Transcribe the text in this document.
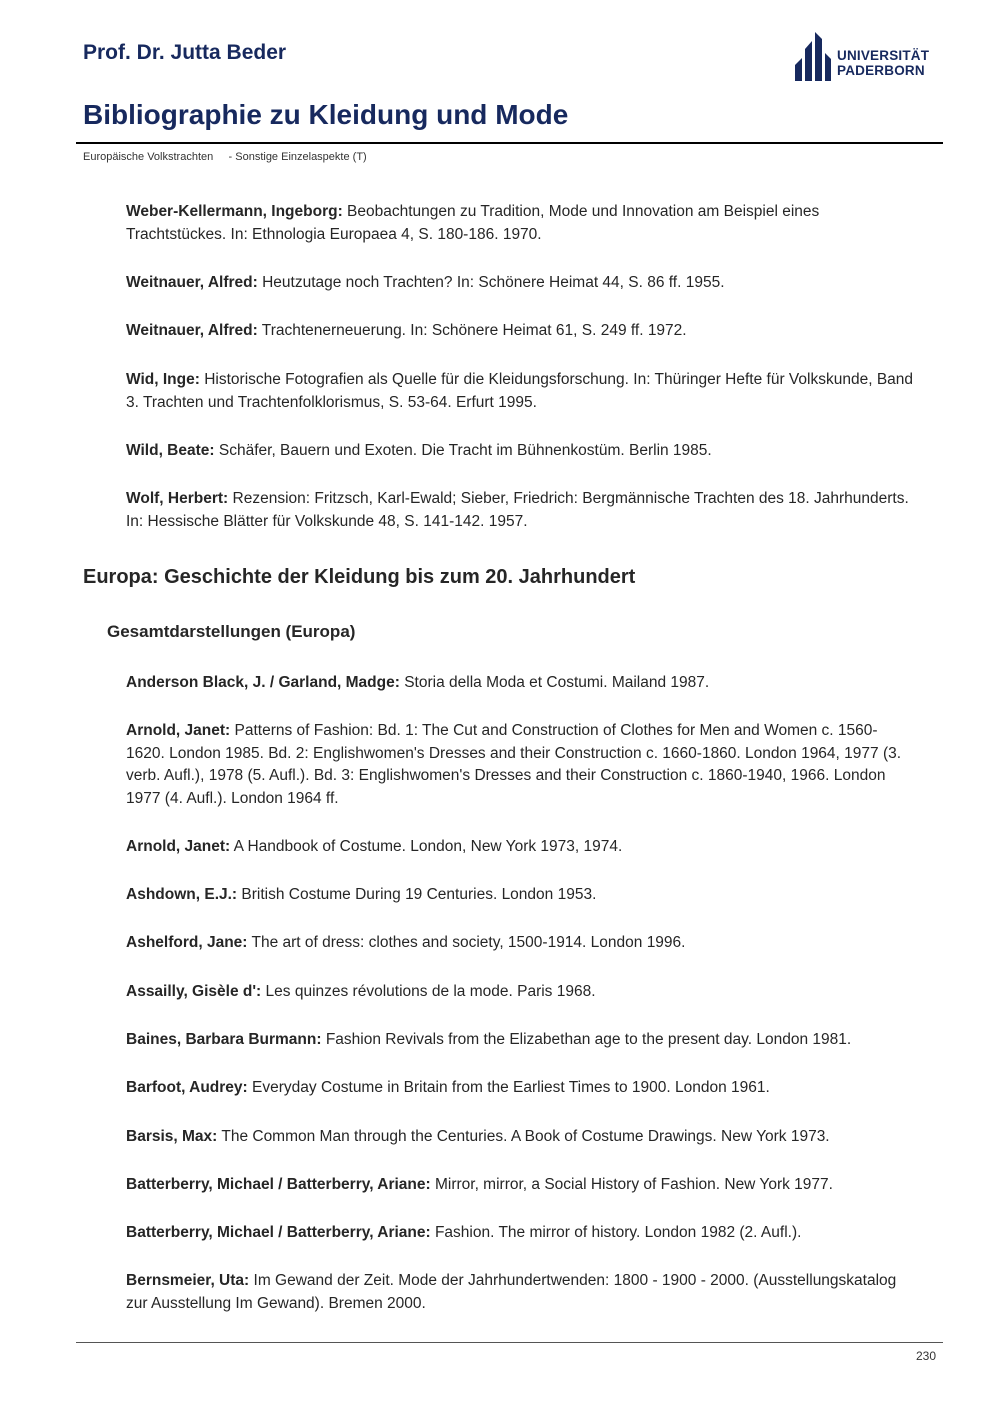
Prof. Dr. Jutta Beder	UNIVERSITÄT
PADERBORN
Bibliographie zu Kleidung und Mode
Europäische Volkstrachten     - Sonstige Einzelaspekte (T)

Weber-Kellermann, Ingeborg: Beobachtungen zu Tradition, Mode und Innovation am Beispiel eines Trachtstückes. In: Ethnologia Europaea 4, S. 180-186. 1970.

Weitnauer, Alfred: Heutzutage noch Trachten? In: Schönere Heimat 44, S. 86 ff. 1955.

Weitnauer, Alfred: Trachtenerneuerung. In: Schönere Heimat 61, S. 249 ff. 1972.

Wid, Inge: Historische Fotografien als Quelle für die Kleidungsforschung. In: Thüringer Hefte für Volkskunde, Band 3. Trachten und Trachtenfolklorismus, S. 53-64. Erfurt 1995.

Wild, Beate: Schäfer, Bauern und Exoten. Die Tracht im Bühnenkostüm. Berlin 1985.

Wolf, Herbert: Rezension: Fritzsch, Karl-Ewald; Sieber, Friedrich: Bergmännische Trachten des 18. Jahrhunderts. In: Hessische Blätter für Volkskunde 48, S. 141-142. 1957.

Europa: Geschichte der Kleidung bis zum 20. Jahrhundert
Gesamtdarstellungen (Europa)

Anderson Black, J. / Garland, Madge: Storia della Moda et Costumi. Mailand 1987.

Arnold, Janet: Patterns of Fashion: Bd. 1: The Cut and Construction of Clothes for Men and Women c. 1560-1620. London 1985. Bd. 2: Englishwomen's Dresses and their Construction c. 1660-1860. London 1964, 1977 (3. verb. Aufl.), 1978 (5. Aufl.). Bd. 3: Englishwomen's Dresses and their Construction c. 1860-1940, 1966. London 1977 (4. Aufl.). London 1964 ff.

Arnold, Janet: A Handbook of Costume. London, New York 1973, 1974.

Ashdown, E.J.: British Costume During 19 Centuries. London 1953.

Ashelford, Jane: The art of dress: clothes and society, 1500-1914. London 1996.

Assailly, Gisèle d': Les quinzes révolutions de la mode. Paris 1968.

Baines, Barbara Burmann: Fashion Revivals from the Elizabethan age to the present day. London 1981.

Barfoot, Audrey: Everyday Costume in Britain from the Earliest Times to 1900. London 1961.

Barsis, Max: The Common Man through the Centuries. A Book of Costume Drawings. New York 1973.

Batterberry, Michael / Batterberry, Ariane: Mirror, mirror, a Social History of Fashion. New York 1977.

Batterberry, Michael / Batterberry, Ariane: Fashion. The mirror of history. London 1982 (2. Aufl.).

Bernsmeier, Uta: Im Gewand der Zeit. Mode der Jahrhundertwenden: 1800 - 1900 - 2000. (Ausstellungskatalog zur Ausstellung Im Gewand). Bremen 2000.

230
